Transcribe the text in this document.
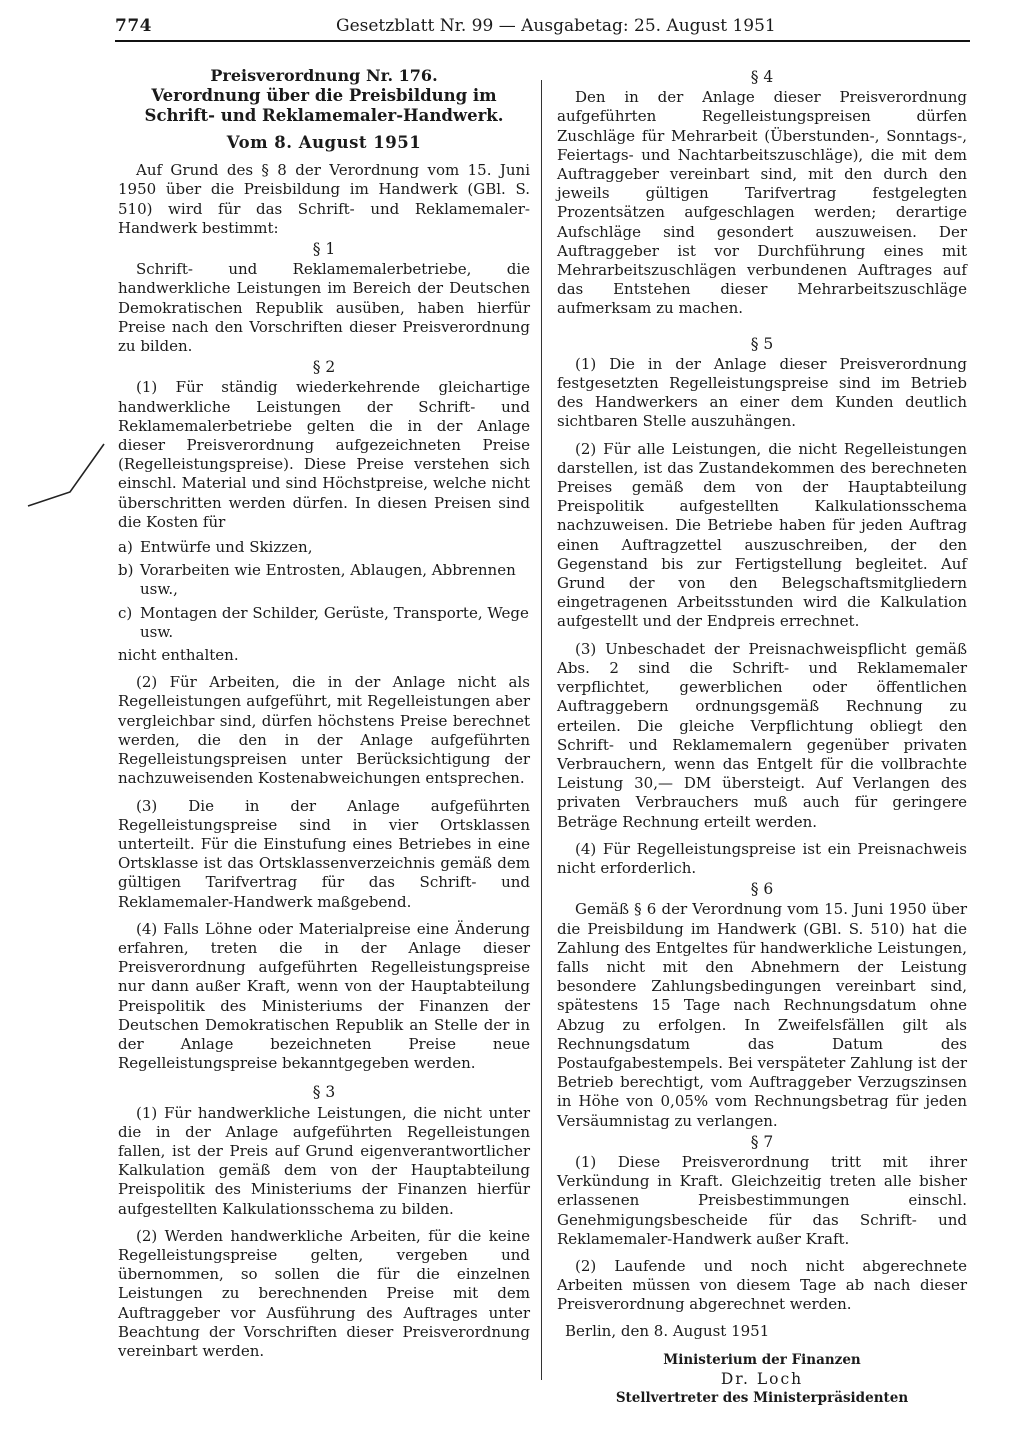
774	Gesetzblatt Nr. 99 — Ausgabetag: 25. August 1951

Preisverordnung Nr. 176.

Verordnung über die Preisbildung im Schrift- und Reklamemaler-Handwerk.

Vom 8. August 1951

Auf Grund des § 8 der Verordnung vom 15. Juni 1950 über die Preisbildung im Handwerk (GBl. S. 510) wird für das Schrift- und Reklamemaler-Handwerk bestimmt:

§ 1

Schrift- und Reklamemalerbetriebe, die handwerkliche Leistungen im Bereich der Deutschen Demokratischen Republik ausüben, haben hierfür Preise nach den Vorschriften dieser Preisverordnung zu bilden.

§ 2

(1) Für ständig wiederkehrende gleichartige handwerkliche Leistungen der Schrift- und Reklamemalerbetriebe gelten die in der Anlage dieser Preisverordnung aufgezeichneten Preise (Regelleistungspreise). Diese Preise verstehen sich einschl. Material und sind Höchstpreise, welche nicht überschritten werden dürfen. In diesen Preisen sind die Kosten für

a) Entwürfe und Skizzen,
b) Vorarbeiten wie Entrosten, Ablaugen, Abbrennen usw.,
c) Montagen der Schilder, Gerüste, Transporte, Wege usw.

nicht enthalten.

(2) Für Arbeiten, die in der Anlage nicht als Regelleistungen aufgeführt, mit Regelleistungen aber vergleichbar sind, dürfen höchstens Preise berechnet werden, die den in der Anlage aufgeführten Regelleistungspreisen unter Berücksichtigung der nachzuweisenden Kostenabweichungen entsprechen.

(3) Die in der Anlage aufgeführten Regelleistungspreise sind in vier Ortsklassen unterteilt. Für die Einstufung eines Betriebes in eine Ortsklasse ist das Ortsklassenverzeichnis gemäß dem gültigen Tarifvertrag für das Schrift- und Reklamemaler-Handwerk maßgebend.

(4) Falls Löhne oder Materialpreise eine Änderung erfahren, treten die in der Anlage dieser Preisverordnung aufgeführten Regelleistungspreise nur dann außer Kraft, wenn von der Hauptabteilung Preispolitik des Ministeriums der Finanzen der Deutschen Demokratischen Republik an Stelle der in der Anlage bezeichneten Preise neue Regelleistungspreise bekanntgegeben werden.

§ 3

(1) Für handwerkliche Leistungen, die nicht unter die in der Anlage aufgeführten Regelleistungen fallen, ist der Preis auf Grund eigenverantwortlicher Kalkulation gemäß dem von der Hauptabteilung Preispolitik des Ministeriums der Finanzen hierfür aufgestellten Kalkulationsschema zu bilden.

(2) Werden handwerkliche Arbeiten, für die keine Regelleistungspreise gelten, vergeben und übernommen, so sollen die für die einzelnen Leistungen zu berechnenden Preise mit dem Auftraggeber vor Ausführung des Auftrages unter Beachtung der Vorschriften dieser Preisverordnung vereinbart werden.

§ 4

Den in der Anlage dieser Preisverordnung aufgeführten Regelleistungspreisen dürfen Zuschläge für Mehrarbeit (Überstunden-, Sonntags-, Feiertags- und Nachtarbeitszuschläge), die mit dem Auftraggeber vereinbart sind, mit den durch den jeweils gültigen Tarifvertrag festgelegten Prozentsätzen aufgeschlagen werden; derartige Aufschläge sind gesondert auszuweisen. Der Auftraggeber ist vor Durchführung eines mit Mehrarbeitszuschlägen verbundenen Auftrages auf das Entstehen dieser Mehrarbeitszuschläge aufmerksam zu machen.

§ 5

(1) Die in der Anlage dieser Preisverordnung festgesetzten Regelleistungspreise sind im Betrieb des Handwerkers an einer dem Kunden deutlich sichtbaren Stelle auszuhängen.

(2) Für alle Leistungen, die nicht Regelleistungen darstellen, ist das Zustandekommen des berechneten Preises gemäß dem von der Hauptabteilung Preispolitik aufgestellten Kalkulationsschema nachzuweisen. Die Betriebe haben für jeden Auftrag einen Auftragzettel auszuschreiben, der den Gegenstand bis zur Fertigstellung begleitet. Auf Grund der von den Belegschaftsmitgliedern eingetragenen Arbeitsstunden wird die Kalkulation aufgestellt und der Endpreis errechnet.

(3) Unbeschadet der Preisnachweispflicht gemäß Abs. 2 sind die Schrift- und Reklamemaler verpflichtet, gewerblichen oder öffentlichen Auftraggebern ordnungsgemäß Rechnung zu erteilen. Die gleiche Verpflichtung obliegt den Schrift- und Reklamemalern gegenüber privaten Verbrauchern, wenn das Entgelt für die vollbrachte Leistung 30,— DM übersteigt. Auf Verlangen des privaten Verbrauchers muß auch für geringere Beträge Rechnung erteilt werden.

(4) Für Regelleistungspreise ist ein Preisnachweis nicht erforderlich.

§ 6

Gemäß § 6 der Verordnung vom 15. Juni 1950 über die Preisbildung im Handwerk (GBl. S. 510) hat die Zahlung des Entgeltes für handwerkliche Leistungen, falls nicht mit den Abnehmern der Leistung besondere Zahlungsbedingungen vereinbart sind, spätestens 15 Tage nach Rechnungsdatum ohne Abzug zu erfolgen. In Zweifelsfällen gilt als Rechnungsdatum das Datum des Postaufgabestempels. Bei verspäteter Zahlung ist der Betrieb berechtigt, vom Auftraggeber Verzugszinsen in Höhe von 0,05% vom Rechnungsbetrag für jeden Versäumnistag zu verlangen.

§ 7

(1) Diese Preisverordnung tritt mit ihrer Verkündung in Kraft. Gleichzeitig treten alle bisher erlassenen Preisbestimmungen einschl. Genehmigungsbescheide für das Schrift- und Reklamemaler-Handwerk außer Kraft.

(2) Laufende und noch nicht abgerechnete Arbeiten müssen von diesem Tage ab nach dieser Preisverordnung abgerechnet werden.

Berlin, den 8. August 1951

Ministerium der Finanzen

Dr. Loch

Stellvertreter des Ministerpräsidenten
